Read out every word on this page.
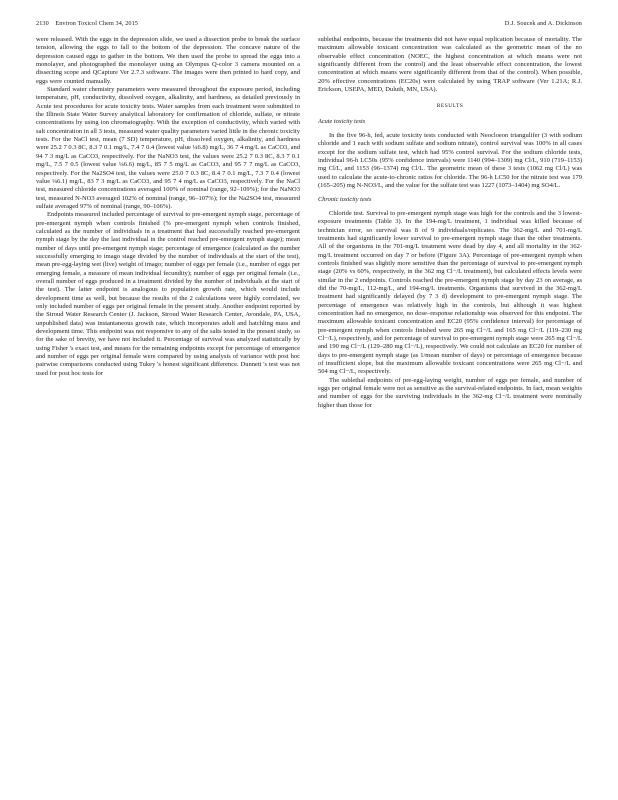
2130    Environ Toxicol Chem 34, 2015	D.J. Soucek and A. Dickinson

were released. With the eggs in the depression slide, we used a dissection probe to break the surface tension, allowing the eggs to fall to the bottom of the depression. The concave nature of the depression caused eggs to gather in the bottom. We then used the probe to spread the eggs into a monolayer, and photographed the monolayer using an Olympus Q-color 3 camera mounted on a dissecting scope and QCapture Ver 2.7.3 software. The images were then printed to hard copy, and eggs were counted manually.

Standard water chemistry parameters were measured throughout the exposure period, including temperature, pH, conductivity, dissolved oxygen, alkalinity, and hardness, as detailed previously in Acute test procedures for acute toxicity tests. Water samples from each treatment were submitted to the Illinois State Water Survey analytical laboratory for confirmation of chloride, sulfate, or nitrate concentrations by using ion chromatography. With the exception of conductivity, which varied with salt concentration in all 3 tests, measured water quality parameters varied little in the chronic toxicity tests. For the NaCl test, mean (7 SD) temperature, pH, dissolved oxygen, alkalinity, and hardness were 25.2 7 0.3 8C, 8.3 7 0.1 mg/L, 7.4 7 0.4 (lowest value ¼6.8) mg/L, 36 7 4 mg/L as CaCO3, and 94 7 3 mg/L as CaCO3, respectively. For the NaNO3 test, the values were 25.2 7 0.3 8C, 8.3 7 0.1 mg/L, 7.5 7 0.5 (lowest value ¼6.6) mg/L, 85 7 5 mg/L as CaCO3, and 95 7 7 mg/L as CaCO3, respectively. For the Na2SO4 test, the values were 25.0 7 0.3 8C, 8.4 7 0.1 mg/L, 7.3 7 0.4 (lowest value ¼6.1) mg/L, 83 7 3 mg/L as CaCO3, and 95 7 4 mg/L as CaCO3, respectively. For the NaCl test, measured chloride concentrations averaged 100% of nominal (range, 92–109%); for the NaNO3 test, measured N-NO3 averaged 102% of nominal (range, 96–107%); for the Na2SO4 test, measured sulfate averaged 97% of nominal (range, 90–106%).

Endpoints measured included percentage of survival to pre-emergent nymph stage, percentage of pre-emergent nymph when controls finished (% pre-emergent nymph when controls finished, calculated as the number of individuals in a treatment that had successfully reached pre-emergent nymph stage by the day the last individual in the control reached pre-emergent nymph stage); mean number of days until pre-emergent nymph stage; percentage of emergence (calculated as the number successfully emerging to imago stage divided by the number of individuals at the start of the test), mean pre-egg-laying wet (live) weight of imago; number of eggs per female (i.e., number of eggs per emerging female, a measure of mean individual fecundity); number of eggs per original female (i.e., overall number of eggs produced in a treatment divided by the number of individuals at the start of the test). The latter endpoint is analogous to population growth rate, which would include development time as well, but because the results of the 2 calculations were highly correlated, we only included number of eggs per original female in the present study. Another endpoint reported by the Stroud Water Research Center (J. Jackson, Stroud Water Research Center, Avondale, PA, USA, unpublished data) was instantaneous growth rate, which incorporates adult and hatchling mass and development time. This endpoint was not responsive to any of the salts tested in the present study, so for the sake of brevity, we have not included it. Percentage of survival was analyzed statistically by using Fisher 's exact test, and means for the remaining endpoints except for percentage of emergence and number of eggs per original female were compared by using analysis of variance with post hoc pairwise comparisons conducted using Tukey 's honest significant difference. Dunnett 's test was not used for post hoc tests for

sublethal endpoints, because the treatments did not have equal replication because of mortality. The maximum allowable toxicant concentration was calculated as the geometric mean of the no observable effect concentration (NOEC, the highest concentration at which means were not significantly different from the control) and the least observable effect concentration, the lowest concentration at which means were significantly different from that of the control). When possible, 20% effective concentrations (EC20s) were calculated by using TRAP software (Ver 1.21A; R.J. Erickson, USEPA, MED, Duluth, MN, USA).

RESULTS
Acute toxicity tests

In the five 96-h, fed, acute toxicity tests conducted with Neocloeon triangulifer (3 with sodium chloride and 1 each with sodium sulfate and sodium nitrate), control survival was 100% in all cases except for the sodium sulfate test, which had 95% control survival. For the sodium chloride tests, individual 96-h LC50s (95% confidence intervals) were 1140 (994–1309) mg Cl/L, 910 (719–1153) mg Cl/L, and 1153 (96–1374) mg Cl/L. The geometric mean of these 3 tests (1062 mg Cl/L) was used to calculate the acute-to-chronic ratios for chloride. The 96-h LC50 for the nitrate test was 179 (165–205) mg N-NO3/L, and the value for the sulfate test was 1227 (1073–1404) mg SO4/L.

Chronic toxicity tests

Chloride test. Survival to pre-emergent nymph stage was high for the controls and the 3 lowest-exposure treatments (Table 3). In the 194-mg/L treatment, 1 individual was killed because of technician error, so survival was 8 of 9 individuals/replicates. The 362-mg/L and 701-mg/L treatments had significantly lower survival to pre-emergent nymph stage than the other treatments. All of the organisms in the 701-mg/L treatment were dead by day 4, and all mortality in the 362-mg/L treatment occurred on day 7 or before (Figure 3A). Percentage of pre-emergent nymph when controls finished was slightly more sensitive than the percentage of survival to pre-emergent nymph stage (20% vs 60%, respectively, in the 362 mg Cl−/L treatment), but calculated effects levels were similar in the 2 endpoints. Controls reached the pre-emergent nymph stage by day 23 on average, as did the 70-mg/L, 112-mg/L, and 194-mg/L treatments. Organisms that survived in the 362-mg/L treatment had significantly delayed (by 7 3 d) development to pre-emergent nymph stage. The percentage of emergence was relatively high in the controls, but although it was highest concentration had no emergence, no dose–response relationship was observed for this endpoint. The maximum allowable toxicant concentration and EC20 (95% confidence interval) for percentage of pre-emergent nymph when controls finished were 265 mg Cl−/L and 165 mg Cl−/L (119–230 mg Cl−/L), respectively, and for percentage of survival to pre-emergent nymph stage were 265 mg Cl−/L and 190 mg Cl−/L (129–280 mg Cl−/L), respectively. We could not calculate an EC20 for number of days to pre-emergent nymph stage (as 1/mean number of days) or percentage of emergence because of insufficient slope, but the maximum allowable toxicant concentrations were 265 mg Cl−/L and 504 mg Cl−/L, respectively.

The sublethal endpoints of pre-egg-laying weight, number of eggs per female, and number of eggs per original female were not as sensitive as the survival-related endpoints. In fact, mean weights and number of eggs for the surviving individuals in the 362-mg Cl−/L treatment were nominally higher than those for
